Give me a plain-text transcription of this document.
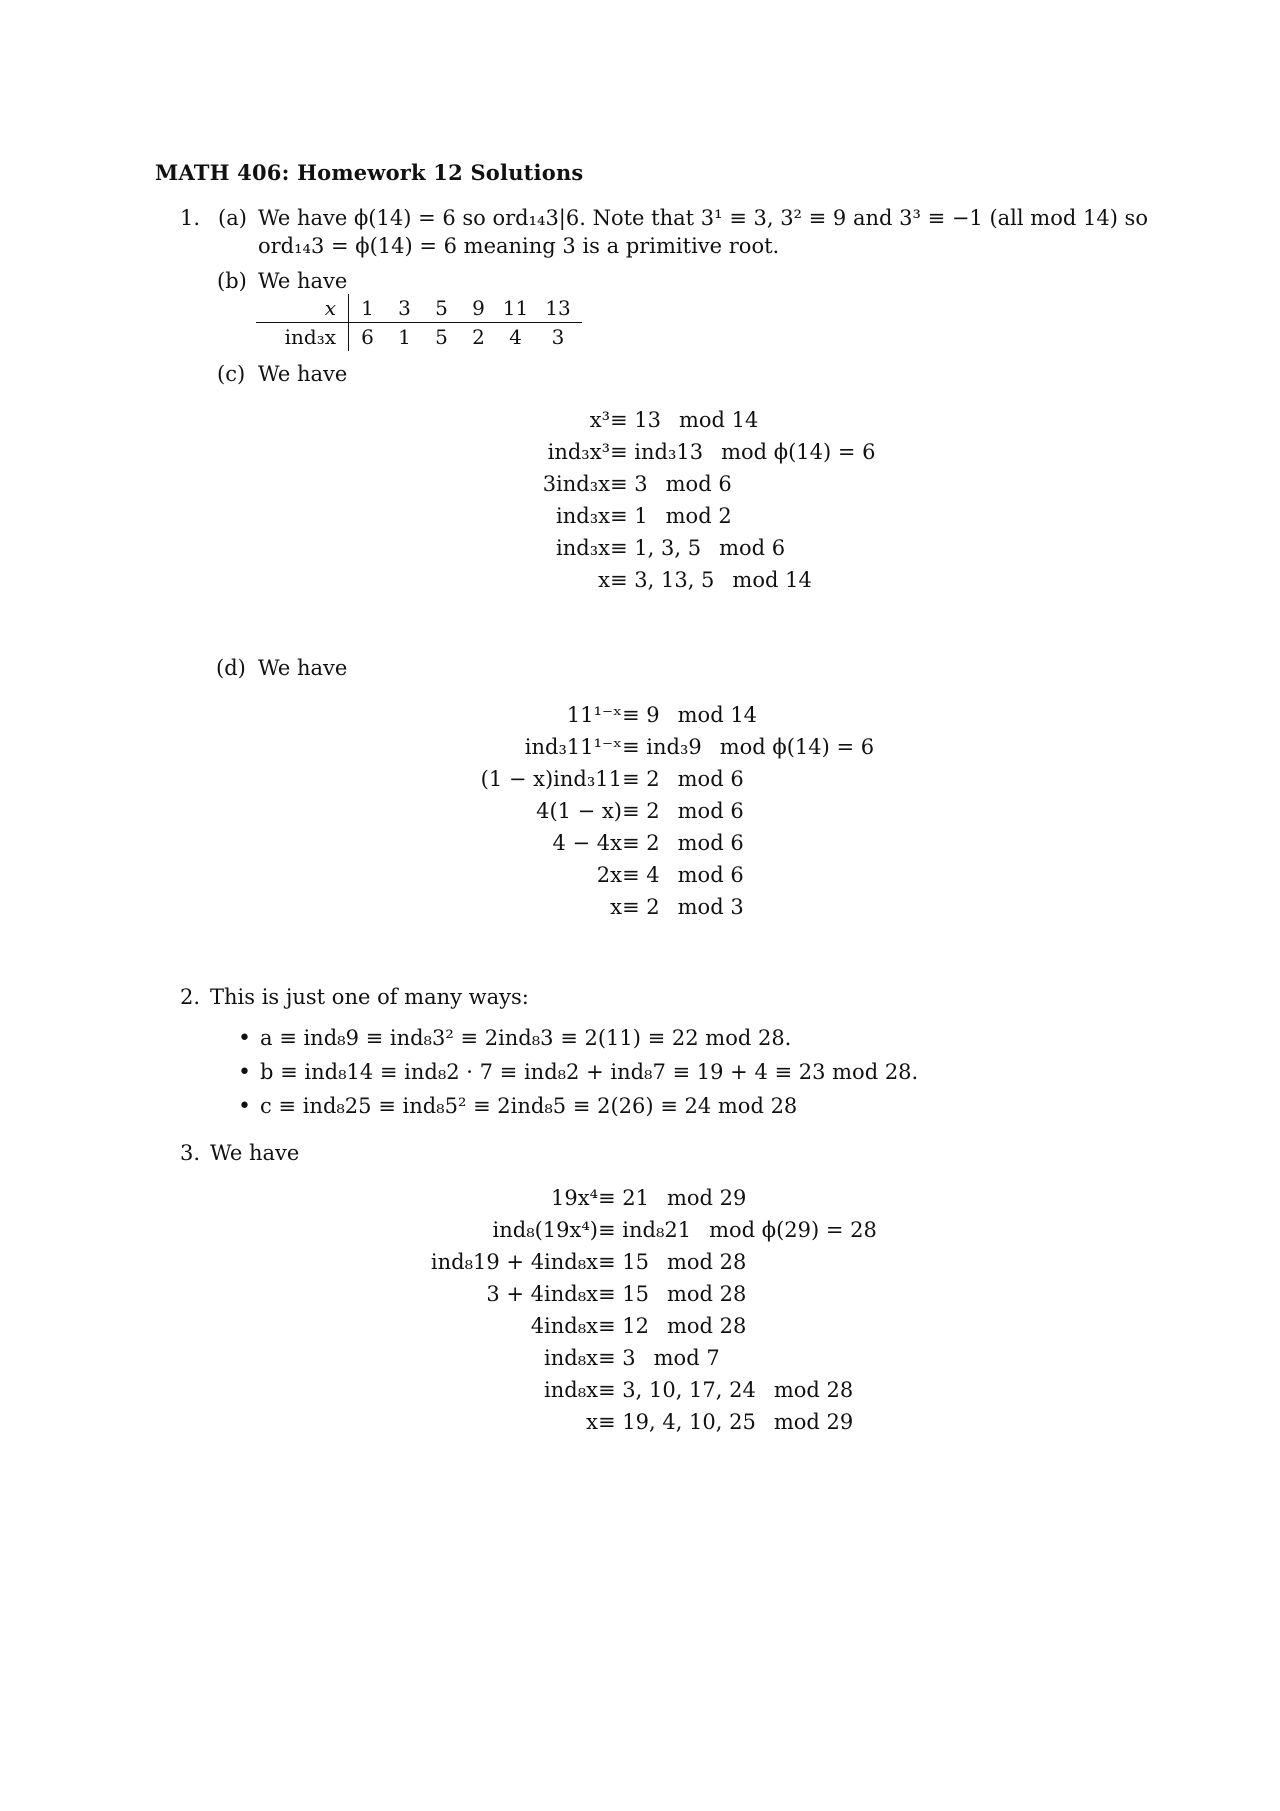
MATH 406: Homework 12 Solutions
1. (a) We have ϕ(14) = 6 so ord₁₄3|6. Note that 3¹ ≡ 3, 3² ≡ 9 and 3³ ≡ −1 (all mod 14) so
ord₁₄3 = ϕ(14) = 6 meaning 3 is a primitive root.
(b) We have
x	1	3	5	9	11	13
ind₃x	6	1	5	2	4	3
(c) We have
x³ ≡ 13 mod 14
ind₃x³ ≡ ind₃13 mod ϕ(14) = 6
3ind₃x ≡ 3 mod 6
ind₃x ≡ 1 mod 2
ind₃x ≡ 1, 3, 5 mod 6
x ≡ 3, 13, 5 mod 14
(d) We have
11¹⁻ˣ ≡ 9 mod 14
ind₃11¹⁻ˣ ≡ ind₃9 mod ϕ(14) = 6
(1 − x)ind₃11 ≡ 2 mod 6
4(1 − x) ≡ 2 mod 6
4 − 4x ≡ 2 mod 6
2x ≡ 4 mod 6
x ≡ 2 mod 3
2. This is just one of many ways:
• a ≡ ind₈9 ≡ ind₈3² ≡ 2ind₈3 ≡ 2(11) ≡ 22 mod 28.
• b ≡ ind₈14 ≡ ind₈2 · 7 ≡ ind₈2 + ind₈7 ≡ 19 + 4 ≡ 23 mod 28.
• c ≡ ind₈25 ≡ ind₈5² ≡ 2ind₈5 ≡ 2(26) ≡ 24 mod 28
3. We have
19x⁴ ≡ 21 mod 29
ind₈(19x⁴) ≡ ind₈21 mod ϕ(29) = 28
ind₈19 + 4ind₈x ≡ 15 mod 28
3 + 4ind₈x ≡ 15 mod 28
4ind₈x ≡ 12 mod 28
ind₈x ≡ 3 mod 7
ind₈x ≡ 3, 10, 17, 24 mod 28
x ≡ 19, 4, 10, 25 mod 29
